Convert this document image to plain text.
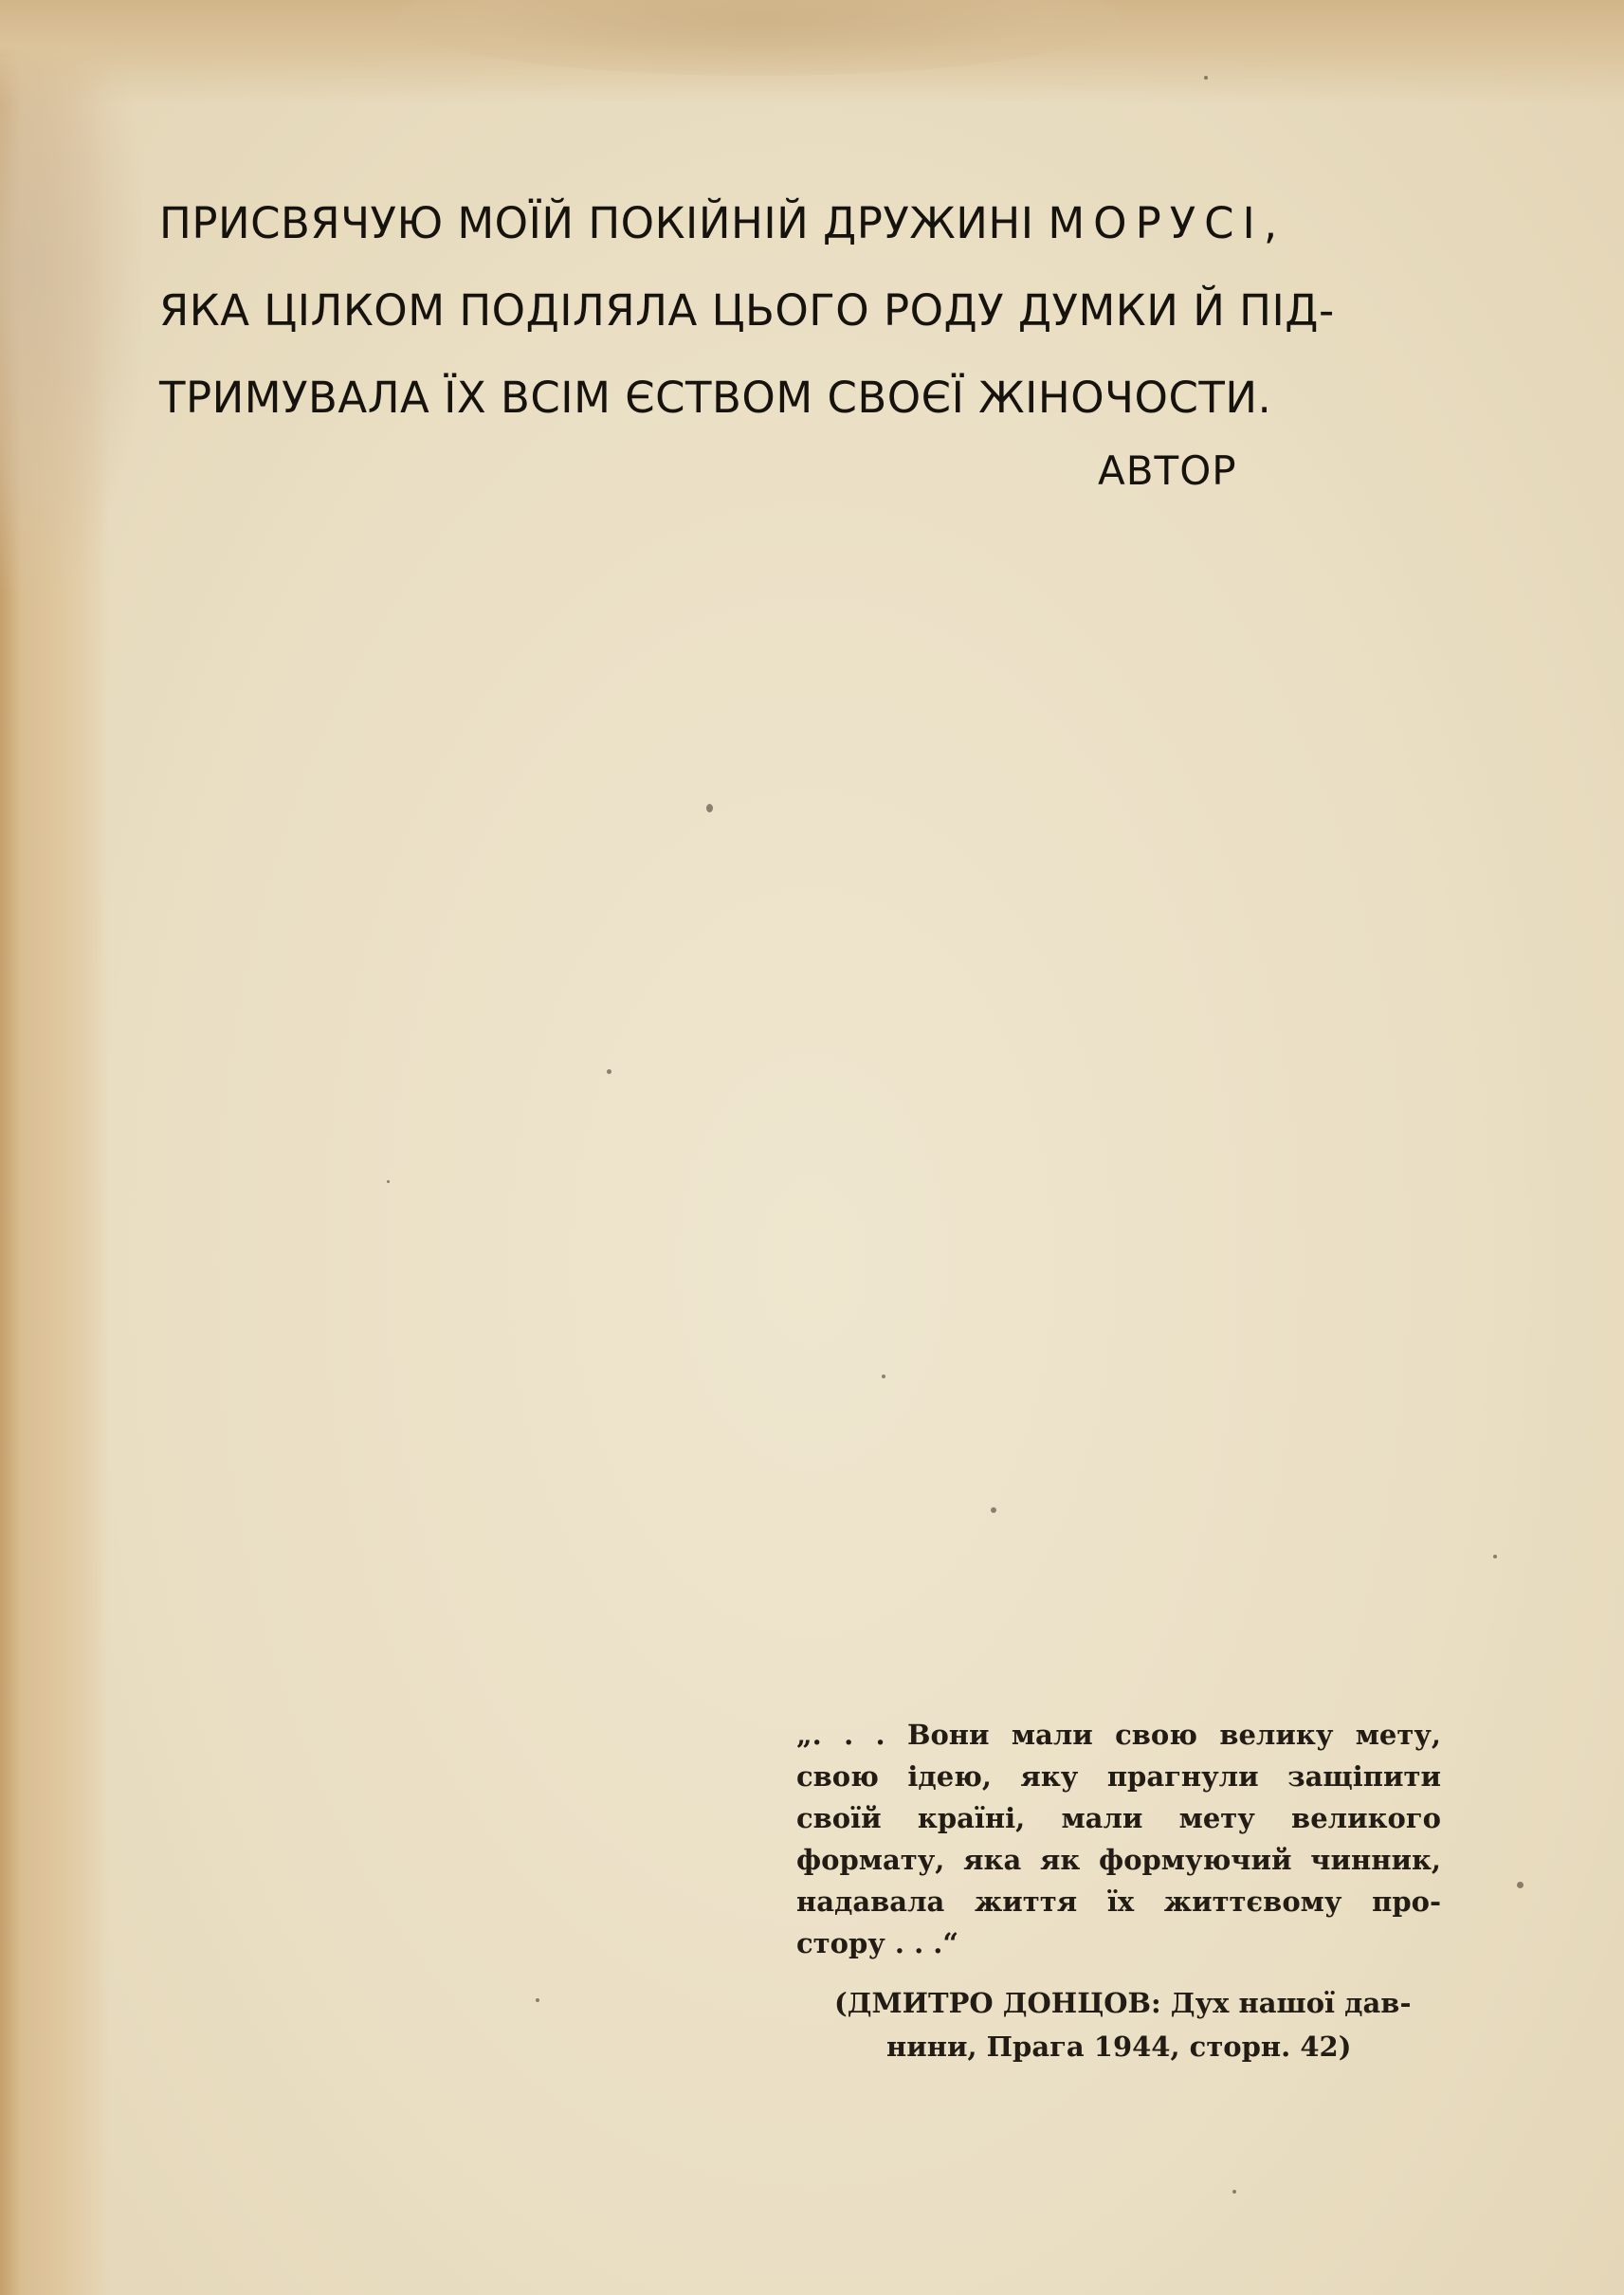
ПРИСВЯЧУЮ МОЇЙ ПОКІЙНІЙ ДРУЖИНІ МОРУСІ,
ЯКА ЦІЛКОМ ПОДІЛЯЛА ЦЬОГО РОДУ ДУМКИ Й ПІД-
ТРИМУВАЛА ЇХ ВСІМ ЄСТВОМ СВОЄЇ ЖІНОЧОСТИ.
АВТОР
„. . . Вони мали свою велику мету,
свою ідею, яку прагнули защіпити
своїй країні, мали мету великого
формату, яка як формуючий чинник,
надавала життя їх життєвому про-
стору . . .“
(ДМИТРО ДОНЦОВ: Дух нашої дав-
нини, Прага 1944, сторн. 42)
